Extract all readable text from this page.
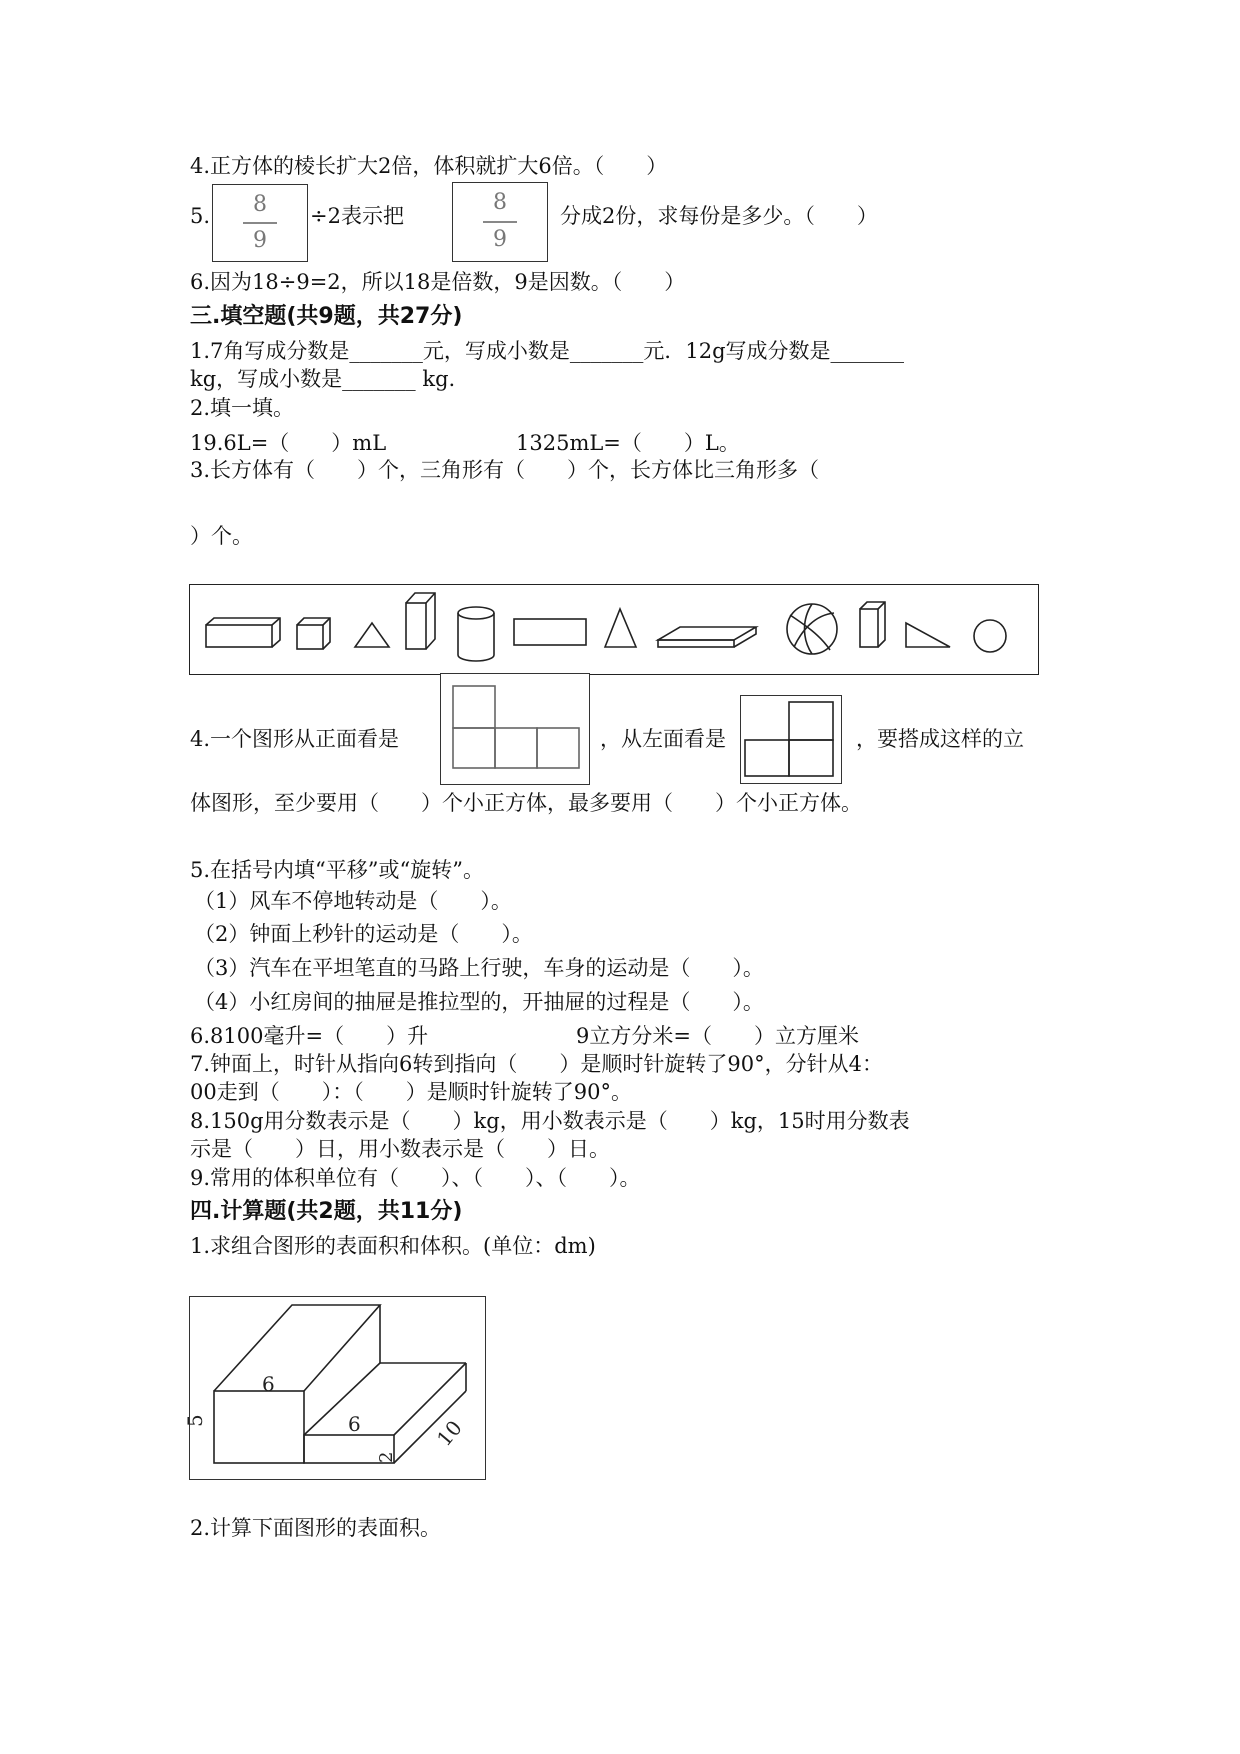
4.正方体的棱长扩大2倍，体积就扩大6倍。（　　）

5.	8
9
÷2表示把
8
9
分成2份，求每份是多少。（　　）

6.因为18÷9=2，所以18是倍数，9是因数。（　　）

三.填空题(共9题，共27分)

1.7角写成分数是_______元，写成小数是_______元．12g写成分数是_______

kg，写成小数是_______ kg.

2.填一填。

19.6L=（　　）mL	1325mL=（　　）L。

3.长方体有（　　）个，三角形有（　　）个，长方体比三角形多（

）个。

4.一个图形从正面看是	，从左面看是	，要搭成这样的立

体图形，至少要用（　　）个小正方体，最多要用（　　）个小正方体。

5.在括号内填“平移”或“旋转”。

（1）风车不停地转动是（　　）。

（2）钟面上秒针的运动是（　　）。

（3）汽车在平坦笔直的马路上行驶，车身的运动是（　　）。

（4）小红房间的抽屉是推拉型的，开抽屉的过程是（　　）。

6.8100毫升=（　　）升	9立方分米=（　　）立方厘米

7.钟面上，时针从指向6转到指向（　　）是顺时针旋转了90°，分针从4：

00走到（　　）：（　　）是顺时针旋转了90°。

8.150g用分数表示是（　　）kg，用小数表示是（　　）kg，15时用分数表

示是（　　）日，用小数表示是（　　）日。

9.常用的体积单位有（　　）、（　　）、（　　）。

四.计算题(共2题，共11分)

1.求组合图形的表面积和体积。(单位：dm)

6
5	6
2
10

2.计算下面图形的表面积。
